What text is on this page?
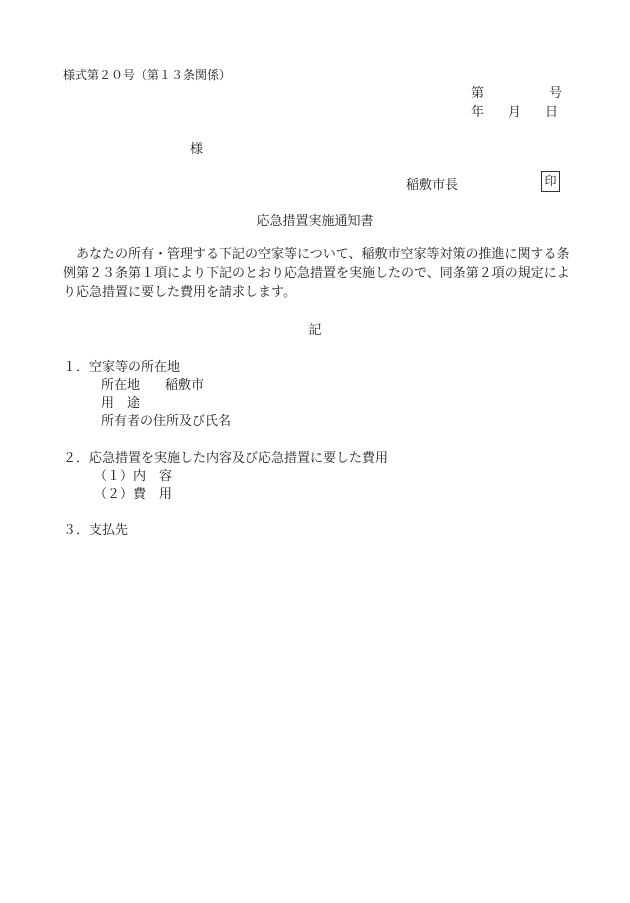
様式第２０号（第１３条関係）
第	号
年 月 日
様
稲敷市長	印
応急措置実施通知書
　あなたの所有・管理する下記の空家等について、稲敷市空家等対策の推進に関する条
例第２３条第１項により下記のとおり応急措置を実施したので、同条第２項の規定によ
り応急措置に要した費用を請求します。
記
１．空家等の所在地
所在地 稲敷市
用　途
所有者の住所及び氏名
２．応急措置を実施した内容及び応急措置に要した費用
（１）内　容
（２）費　用
３．支払先
